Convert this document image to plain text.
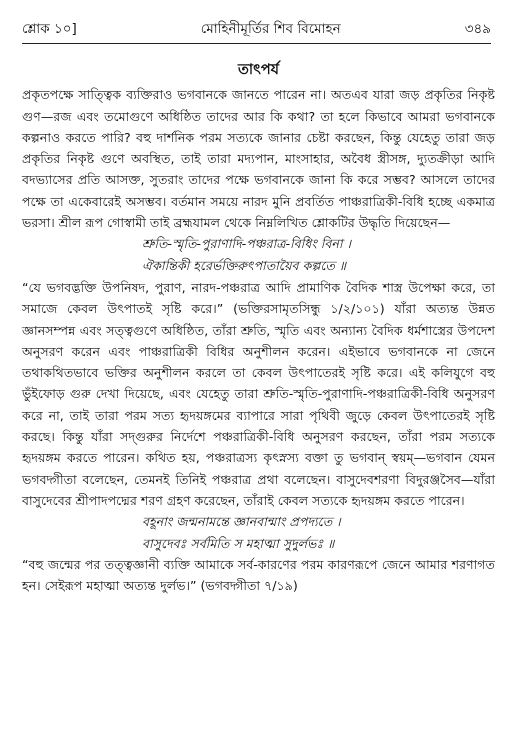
শ্লোক ১০]	মোহিনীমূর্তির শিব বিমোহন	৩৪৯
তাৎপর্য

প্রকৃতপক্ষে সাত্ত্বিক ব্যক্তিরাও ভগবানকে জানতে পারেন না। অতএব যারা জড় প্রকৃতির নিকৃষ্ট গুণ—রজ এবং তমোগুণে অধিষ্ঠিত তাদের আর কি কথা? তা হলে কিভাবে আমরা ভগবানকে কল্পনাও করতে পারি? বহু দার্শনিক পরম সত্যকে জানার চেষ্টা করছেন, কিন্তু যেহেতু তারা জড় প্রকৃতির নিকৃষ্ট গুণে অবস্থিত, তাই তারা মদ্যপান, মাংসাহার, অবৈধ স্ত্রীসঙ্গ, দ্যুতক্রীড়া আদি বদভ্যাসের প্রতি আসক্ত, সুতরাং তাদের পক্ষে ভগবানকে জানা কি করে সম্ভব? আসলে তাদের পক্ষে তা একেবারেই অসম্ভব। বর্তমান সময়ে নারদ মুনি প্রবর্তিত পাঞ্চরাত্রিকী-বিধি হচ্ছে একমাত্র ভরসা। শ্রীল রূপ গোস্বামী তাই ব্রহ্মযামল থেকে নিম্নলিখিত শ্লোকটির উদ্ধৃতি দিয়েছেন—

শ্রুতি-স্মৃতি-পুরাণাদি-পঞ্চরাত্র-বিধিং বিনা ।
ঐকান্তিকী হরের্ভক্তিরুৎপাতায়ৈব কল্পতে ॥

“যে ভগবদ্ভক্তি উপনিষদ, পুরাণ, নারদ-পঞ্চরাত্র আদি প্রামাণিক বৈদিক শাস্ত্র উপেক্ষা করে, তা সমাজে কেবল উৎপাতই সৃষ্টি করে।” (ভক্তিরসামৃতসিন্ধু ১/২/১০১) যাঁরা অত্যন্ত উন্নত জ্ঞানসম্পন্ন এবং সত্ত্বগুণে অধিষ্ঠিত, তাঁরা শ্রুতি, স্মৃতি এবং অন্যান্য বৈদিক ধর্মশাস্ত্রের উপদেশ অনুসরণ করেন এবং পাঞ্চরাত্রিকী বিধির অনুশীলন করেন। এইভাবে ভগবানকে না জেনে তথাকথিতভাবে ভক্তির অনুশীলন করলে তা কেবল উৎপাতেরই সৃষ্টি করে। এই কলিযুগে বহু ভুঁইফোড় গুরু দেখা দিয়েছে, এবং যেহেতু তারা শ্রুতি-স্মৃতি-পুরাণাদি-পঞ্চরাত্রিকী-বিধি অনুসরণ করে না, তাই তারা পরম সত্য হৃদয়ঙ্গমের ব্যাপারে সারা পৃথিবী জুড়ে কেবল উৎপাতেরই সৃষ্টি করছে। কিন্তু যাঁরা সদ্গুরুর নির্দেশে পঞ্চরাত্রিকী-বিধি অনুসরণ করছেন, তাঁরা পরম সত্যকে হৃদয়ঙ্গম করতে পারেন। কথিত হয়, পঞ্চরাত্রস্য কৃৎস্নস্য বক্তা তু ভগবান্ স্বয়ম্—ভগবান যেমন ভগবদ্গীতা বলেছেন, তেমনই তিনিই পঞ্চরাত্র প্রথা বলেছেন। বাসুদেবশরণা বিদুরঞ্জসৈব—যাঁরা বাসুদেবের শ্রীপাদপদ্মের শরণ গ্রহণ করেছেন, তাঁরাই কেবল সত্যকে হৃদয়ঙ্গম করতে পারেন।

বহূনাং জন্মনামন্তে জ্ঞানবান্মাং প্রপদ্যতে ।
বাসুদেবঃ সর্বমিতি স মহাত্মা সুদুর্লভঃ ॥

“বহু জন্মের পর তত্ত্বজ্ঞানী ব্যক্তি আমাকে সর্ব-কারণের পরম কারণরূপে জেনে আমার শরণাগত হন। সেইরূপ মহাত্মা অত্যন্ত দুর্লভ।” (ভগবদ্গীতা ৭/১৯)
